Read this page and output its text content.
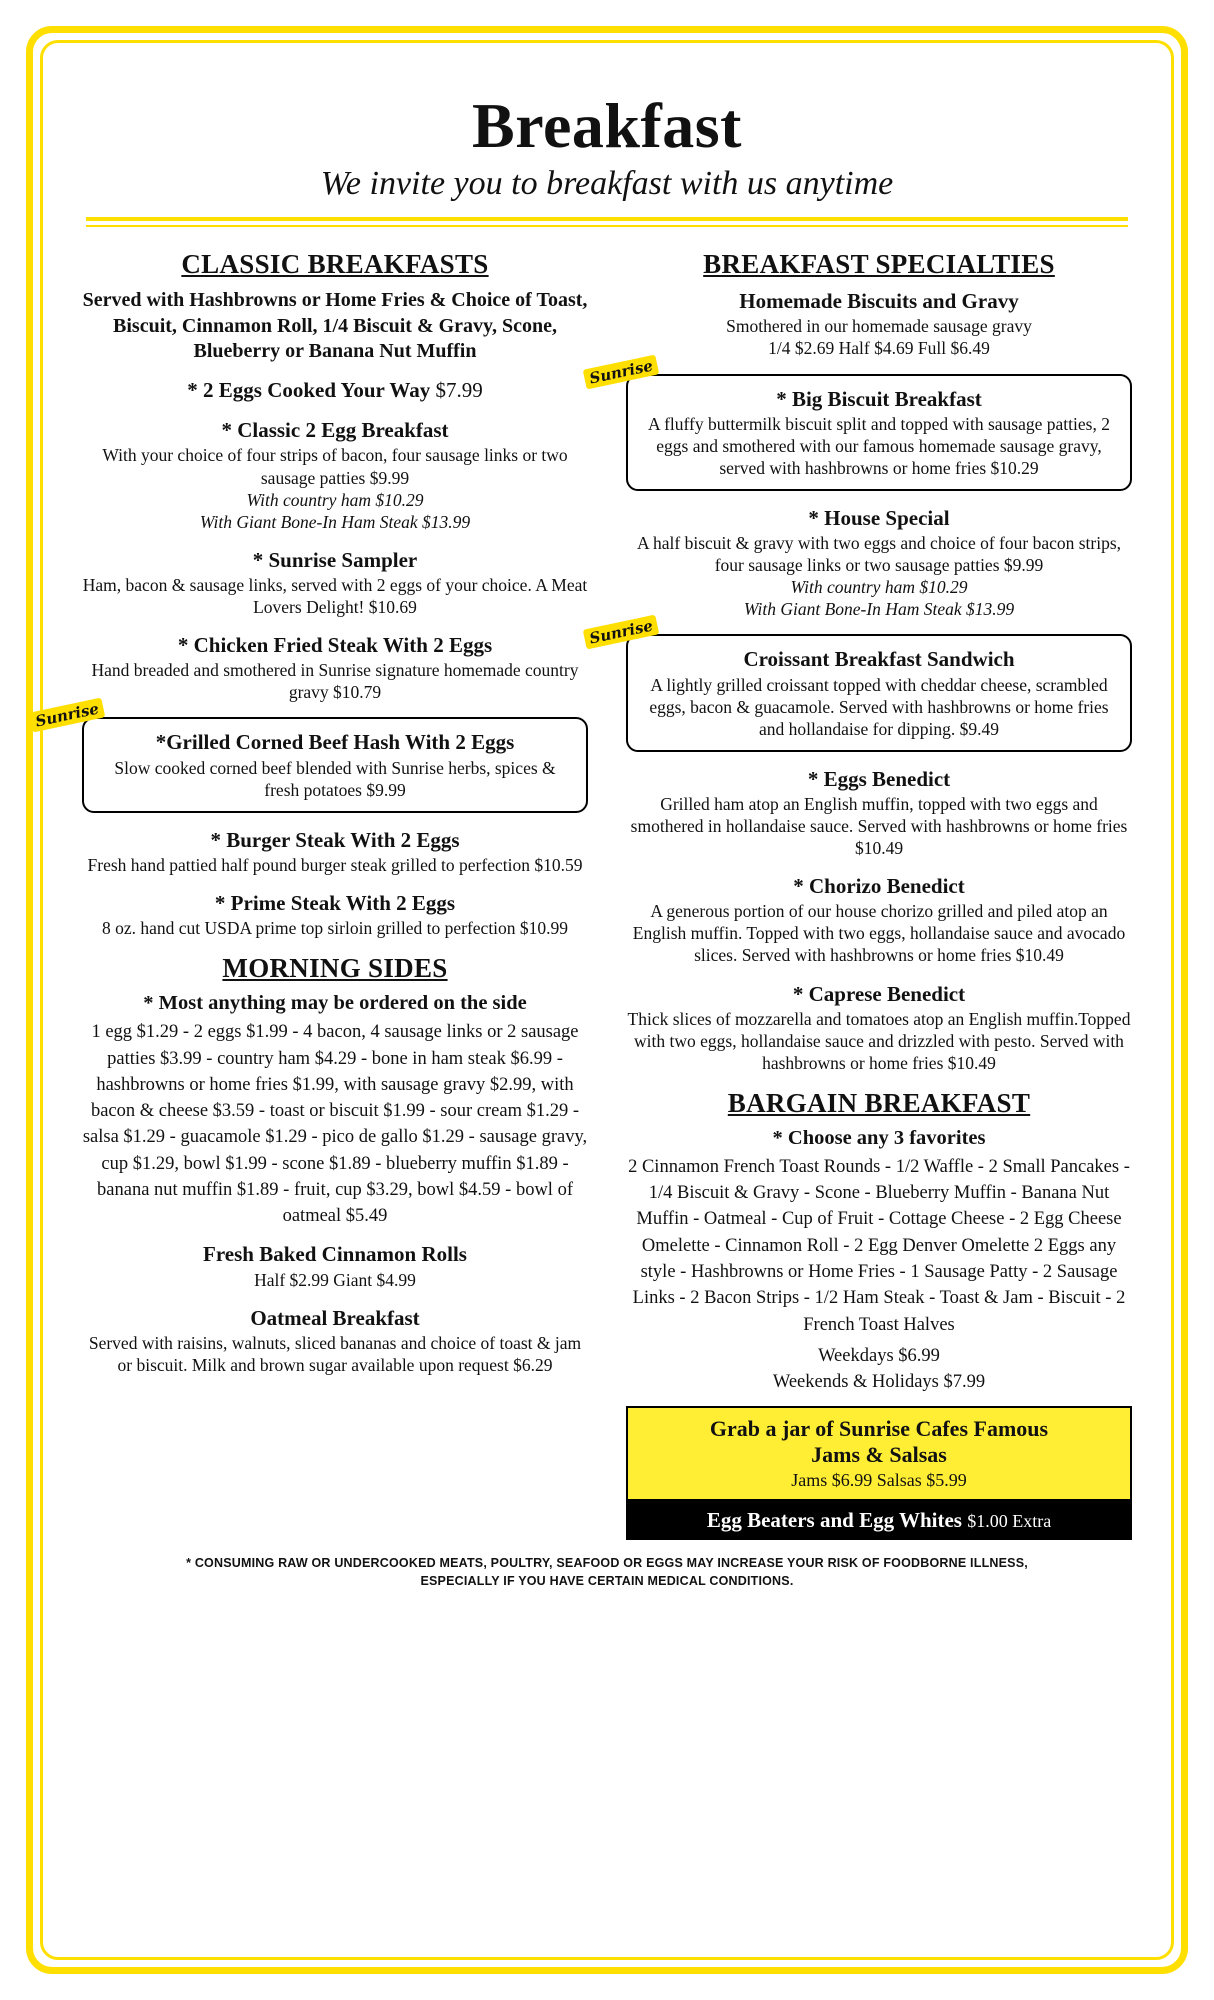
Breakfast
We invite you to breakfast with us anytime
CLASSIC BREAKFASTS
Served with Hashbrowns or Home Fries & Choice of Toast, Biscuit, Cinnamon Roll, 1/4 Biscuit & Gravy, Scone, Blueberry or Banana Nut Muffin
* 2 Eggs Cooked Your Way $7.99
* Classic 2 Egg Breakfast
With your choice of four strips of bacon, four sausage links or two sausage patties $9.99
With country ham $10.29
With Giant Bone-In Ham Steak $13.99
* Sunrise Sampler
Ham, bacon & sausage links, served with 2 eggs of your choice. A Meat Lovers Delight! $10.69
* Chicken Fried Steak With 2 Eggs
Hand breaded and smothered in Sunrise signature homemade country gravy $10.79
Sunrise
*Grilled Corned Beef Hash With 2 Eggs
Slow cooked corned beef blended with Sunrise herbs, spices & fresh potatoes $9.99
* Burger Steak With 2 Eggs
Fresh hand pattied half pound burger steak grilled to perfection $10.59
* Prime Steak With 2 Eggs
8 oz. hand cut USDA prime top sirloin grilled to perfection $10.99
MORNING SIDES
* Most anything may be ordered on the side
1 egg $1.29 - 2 eggs $1.99 - 4 bacon, 4 sausage links or 2 sausage patties $3.99 - country ham $4.29 - bone in ham steak $6.99 - hashbrowns or home fries $1.99, with sausage gravy $2.99, with bacon & cheese $3.59 - toast or biscuit $1.99 - sour cream $1.29 - salsa $1.29 - guacamole $1.29 - pico de gallo $1.29 - sausage gravy, cup $1.29, bowl $1.99 - scone $1.89 - blueberry muffin $1.89 - banana nut muffin $1.89 - fruit, cup $3.29, bowl $4.59 - bowl of oatmeal $5.49
Fresh Baked Cinnamon Rolls
Half $2.99 Giant $4.99
Oatmeal Breakfast
Served with raisins, walnuts, sliced bananas and choice of toast & jam or biscuit. Milk and brown sugar available upon request $6.29
BREAKFAST SPECIALTIES
Homemade Biscuits and Gravy
Smothered in our homemade sausage gravy
1/4 $2.69 Half $4.69 Full $6.49
Sunrise
* Big Biscuit Breakfast
A fluffy buttermilk biscuit split and topped with sausage patties, 2 eggs and smothered with our famous homemade sausage gravy, served with hashbrowns or home fries $10.29
* House Special
A half biscuit & gravy with two eggs and choice of four bacon strips, four sausage links or two sausage patties $9.99
With country ham $10.29
With Giant Bone-In Ham Steak $13.99
Sunrise
Croissant Breakfast Sandwich
A lightly grilled croissant topped with cheddar cheese, scrambled eggs, bacon & guacamole. Served with hashbrowns or home fries and hollandaise for dipping. $9.49
* Eggs Benedict
Grilled ham atop an English muffin, topped with two eggs and smothered in hollandaise sauce. Served with hashbrowns or home fries $10.49
* Chorizo Benedict
A generous portion of our house chorizo grilled and piled atop an English muffin. Topped with two eggs, hollandaise sauce and avocado slices. Served with hashbrowns or home fries $10.49
* Caprese Benedict
Thick slices of mozzarella and tomatoes atop an English muffin.Topped with two eggs, hollandaise sauce and drizzled with pesto. Served with hashbrowns or home fries $10.49
BARGAIN BREAKFAST
* Choose any 3 favorites
2 Cinnamon French Toast Rounds - 1/2 Waffle - 2 Small Pancakes - 1/4 Biscuit & Gravy - Scone - Blueberry Muffin - Banana Nut Muffin - Oatmeal - Cup of Fruit - Cottage Cheese - 2 Egg Cheese Omelette - Cinnamon Roll - 2 Egg Denver Omelette 2 Eggs any style - Hashbrowns or Home Fries - 1 Sausage Patty - 2 Sausage Links - 2 Bacon Strips - 1/2 Ham Steak - Toast & Jam - Biscuit - 2 French Toast Halves
Weekdays $6.99
Weekends & Holidays $7.99
Grab a jar of Sunrise Cafes Famous
Jams & Salsas
Jams $6.99 Salsas $5.99
Egg Beaters and Egg Whites $1.00 Extra
* CONSUMING RAW OR UNDERCOOKED MEATS, POULTRY, SEAFOOD OR EGGS MAY INCREASE YOUR RISK OF FOODBORNE ILLNESS,
ESPECIALLY IF YOU HAVE CERTAIN MEDICAL CONDITIONS.
